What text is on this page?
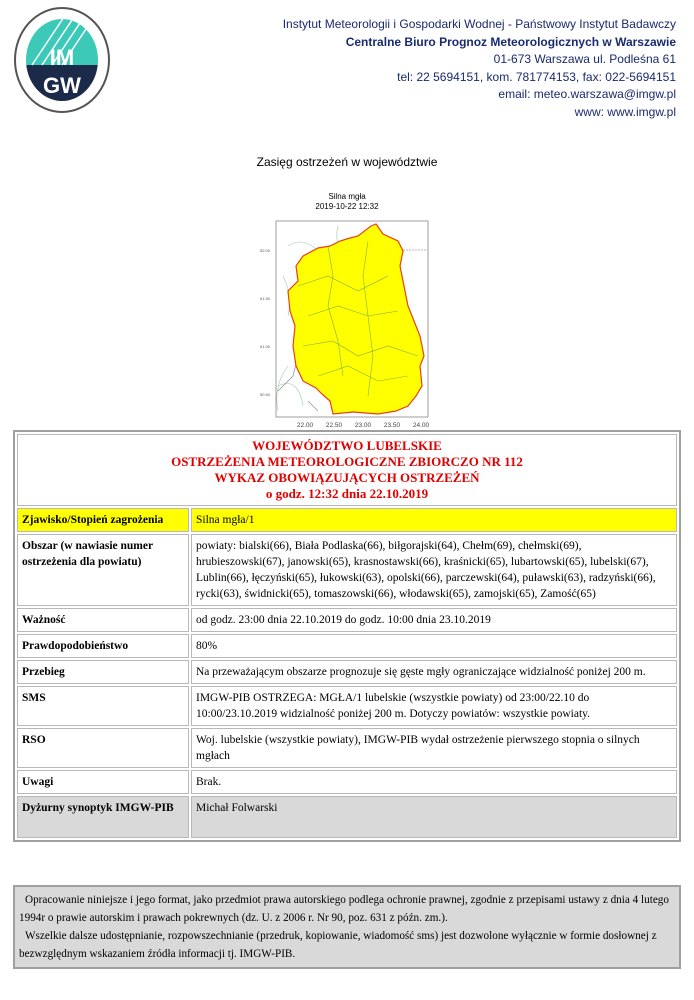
IM
GW
Instytut Meteorologii i Gospodarki Wodnej - Państwowy Instytut Badawczy
Centralne Biuro Prognoz Meteorologicznych w Warszawie
01-673 Warszawa ul. Podleśna 61
tel: 22 5694151, kom. 781774153, fax: 022-5694151
email: meteo.warszawa@imgw.pl
www: www.imgw.pl
Zasięg ostrzeżeń w województwie
Silna mgła
2019-10-22 12:32
52.00
51.50
51.00
50.50
22.00 22.50 23.00 23.50 24.00
WOJEWÓDZTWO LUBELSKIE
OSTRZEŻENIA METEOROLOGICZNE ZBIORCZO NR 112
WYKAZ OBOWIĄZUJĄCYCH OSTRZEŻEŃ
o godz. 12:32 dnia 22.10.2019	

Zjawisko/Stopień zagrożenia	Silna mgła/1
Obszar (w nawiasie numer ostrzeżenia dla powiatu)	powiaty: bialski(66), Biała Podlaska(66), biłgorajski(64), Chełm(69), chełmski(69), hrubieszowski(67), janowski(65), krasnostawski(66), kraśnicki(65), lubartowski(65), lubelski(67), Lublin(66), łęczyński(65), łukowski(63), opolski(66), parczewski(64), puławski(63), radzyński(66), rycki(63), świdnicki(65), tomaszowski(66), włodawski(65), zamojski(65), Zamość(65)
Ważność	od godz. 23:00 dnia 22.10.2019 do godz. 10:00 dnia 23.10.2019
Prawdopodobieństwo	80%
Przebieg	Na przeważającym obszarze prognozuje się gęste mgły ograniczające widzialność poniżej 200 m.
SMS	IMGW-PIB OSTRZEGA: MGŁA/1 lubelskie (wszystkie powiaty) od 23:00/22.10 do 10:00/23.10.2019 widzialność poniżej 200 m. Dotyczy powiatów: wszystkie powiaty.
RSO	Woj. lubelskie (wszystkie powiaty), IMGW-PIB wydał ostrzeżenie pierwszego stopnia o silnych mgłach
Uwagi	Brak.
Dyżurny synoptyk IMGW-PIB	Michał Folwarski
Opracowanie niniejsze i jego format, jako przedmiot prawa autorskiego podlega ochronie prawnej, zgodnie z przepisami ustawy z dnia 4 lutego 1994r o prawie autorskim i prawach pokrewnych (dz. U. z 2006 r. Nr 90, poz. 631 z późn. zm.).
Wszelkie dalsze udostępnianie, rozpowszechnianie (przedruk, kopiowanie, wiadomość sms) jest dozwolone wyłącznie w formie dosłownej z bezwzględnym wskazaniem źródła informacji tj. IMGW-PIB.
